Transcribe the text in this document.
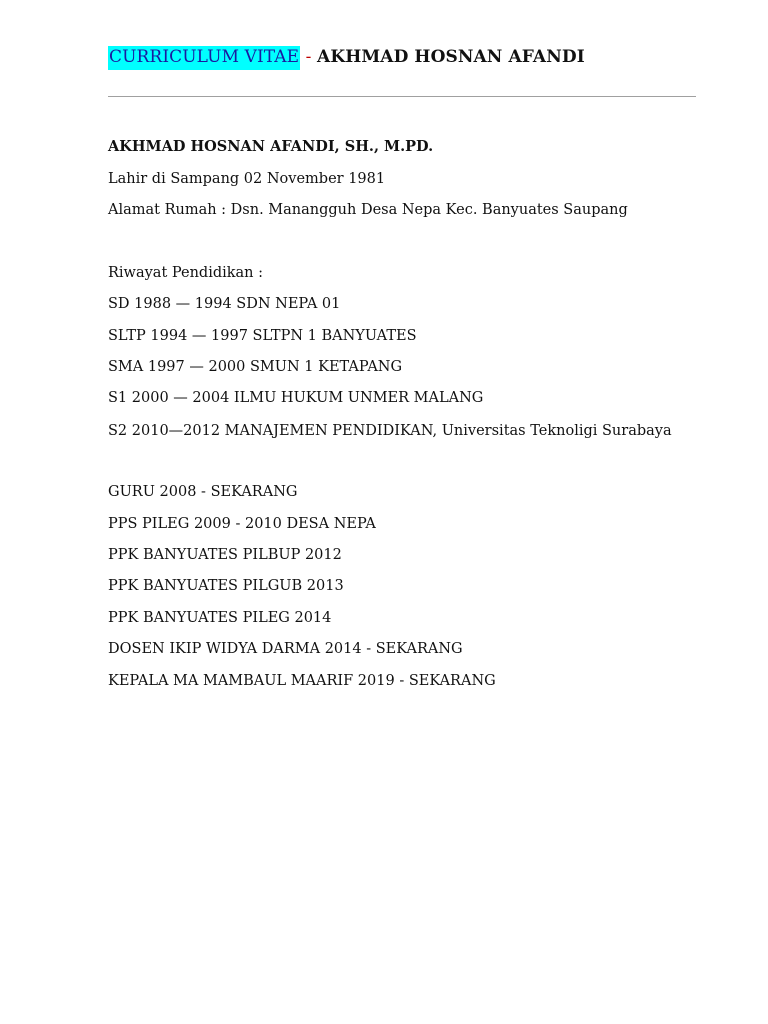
CURRICULUM VITAE - AKHMAD HOSNAN AFANDI
AKHMAD HOSNAN AFANDI, SH., M.PD.
Lahir di Sampang 02 November 1981
Alamat Rumah : Dsn. Manangguh Desa Nepa Kec. Banyuates Saupang
Riwayat Pendidikan :
SD 1988 — 1994 SDN NEPA 01
SLTP 1994 — 1997 SLTPN 1 BANYUATES
SMA 1997 — 2000 SMUN 1 KETAPANG
S1 2000 — 2004 ILMU HUKUM UNMER MALANG
S2 2010—2012 MANAJEMEN PENDIDIKAN, Universitas Teknoligi Surabaya
GURU 2008 - SEKARANG
PPS PILEG 2009 - 2010 DESA NEPA
PPK BANYUATES PILBUP 2012
PPK BANYUATES PILGUB 2013
PPK BANYUATES PILEG 2014
DOSEN IKIP WIDYA DARMA 2014 - SEKARANG
KEPALA MA MAMBAUL MAARIF 2019 - SEKARANG
